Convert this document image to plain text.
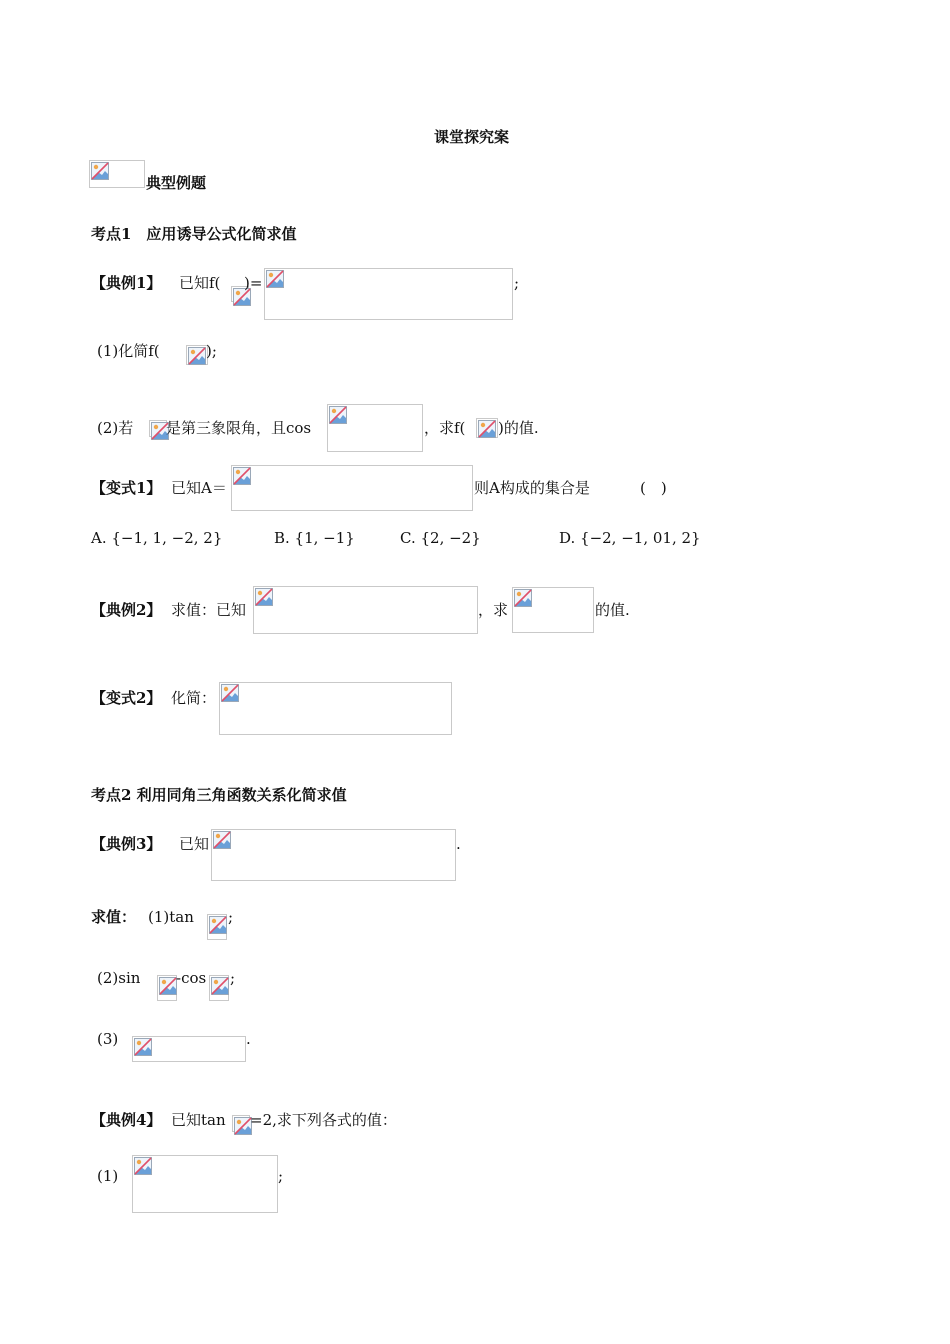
课堂探究案
典型例题
考点1　应用诱导公式化简求值
【典例1】 已知f( )=	;
(1)化简f(	);
(2)若 是第三象限角，且cos	，求f( )的值.
【变式1】 已知A＝	则A构成的集合是	(　)
A. {−1, 1, −2, 2}	B. {1, −1}	C. {2, −2}	D. {−2, −1, 01, 2}
【典例2】 求值：已知	，求	的值.
【变式2】 化简：
考点2 利用同角三角函数关系化简求值
【典例3】 已知	.
求值： (1)tan ;
(2)sin -cos ;
(3)	.
【典例4】 已知tan =2,求下列各式的值：
(1)	;
